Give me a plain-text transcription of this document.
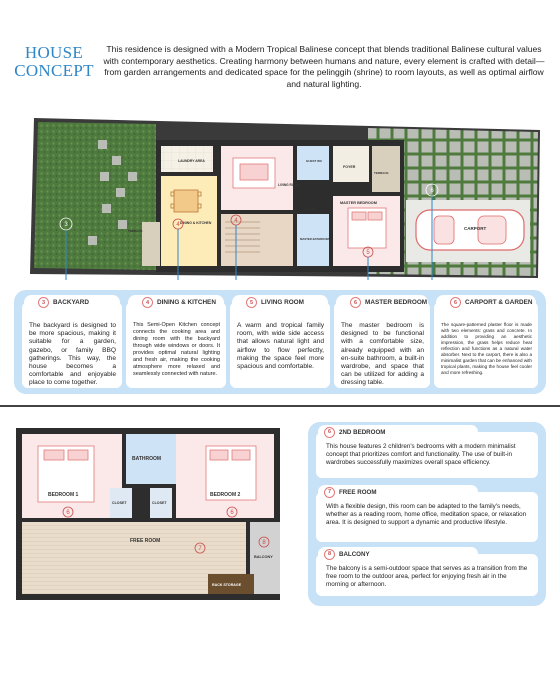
HOUSE
CONCEPT
This residence is designed with a Modern Tropical Balinese concept that blends traditional Balinese cultural values with contemporary aesthetics. Creating harmony between humans and nature, every element is crafted with detail—from garden arrangements and dedicated space for the pelinggih (shrine) to room layouts, as well as optimal airflow and natural lighting.
CARPORT
LAUNDRY AREA
DINING & KITCHEN
TERRACE
LIVING ROOM
GUEST WC
FOYER
TERRACE
MASTER BEDROOM
MASTER BATHROOM
STAIR
3	4
4
5
6
3	BACKYARD
The backyard is designed to be more spacious, making it suitable for a garden, gazebo, or family BBQ gatherings. This way, the house becomes a comfortable and enjoyable place to come together.
4	DINING & KITCHEN
This Semi-Open Kitchen concept connects the cooking area and dining room with the backyard through wide windows or doors. It provides optimal natural lighting and fresh air, making the cooking atmosphere more relaxed and seamlessly connected with nature.
5	LIVING ROOM
A warm and tropical family room, with wide side access that allows natural light and airflow to flow perfectly, making the space feel more spacious and comfortable.
6	MASTER BEDROOM
The master bedroom is designed to be functional with a comfortable size, already equipped with an en-suite bathroom, a built-in wardrobe, and space that can be utilized for adding a dressing table.
6	CARPORT & GARDEN
The square-patterned plaster floor is made with two elements: grass and concrete. In addition to providing an aesthetic impression, the grass helps reduce heat reflection and functions as a natural water absorber. Next to the carport, there is also a minimalist garden that can be enhanced with tropical plants, making the house feel cooler and more refreshing.
BATHROOM
BEDROOM 1	BEDROOM 2
CLOSET	CLOSET
FREE ROOM
BALCONY
RACK STORAGE
6	6
7
8
6	2ND BEDROOM
This house features 2 children's bedrooms with a modern minimalist concept that prioritizes comfort and functionality. The use of built-in wardrobes successfully maximizes overall space efficiency.
7	FREE ROOM
With a flexible design, this room can be adapted to the family's needs, whether as a reading room, home office, meditation space, or relaxation area. It is designed to support a dynamic and productive lifestyle.
8	BALCONY
The balcony is a semi-outdoor space that serves as a transition from the free room to the outdoor area, perfect for enjoying fresh air in the morning or afternoon.
